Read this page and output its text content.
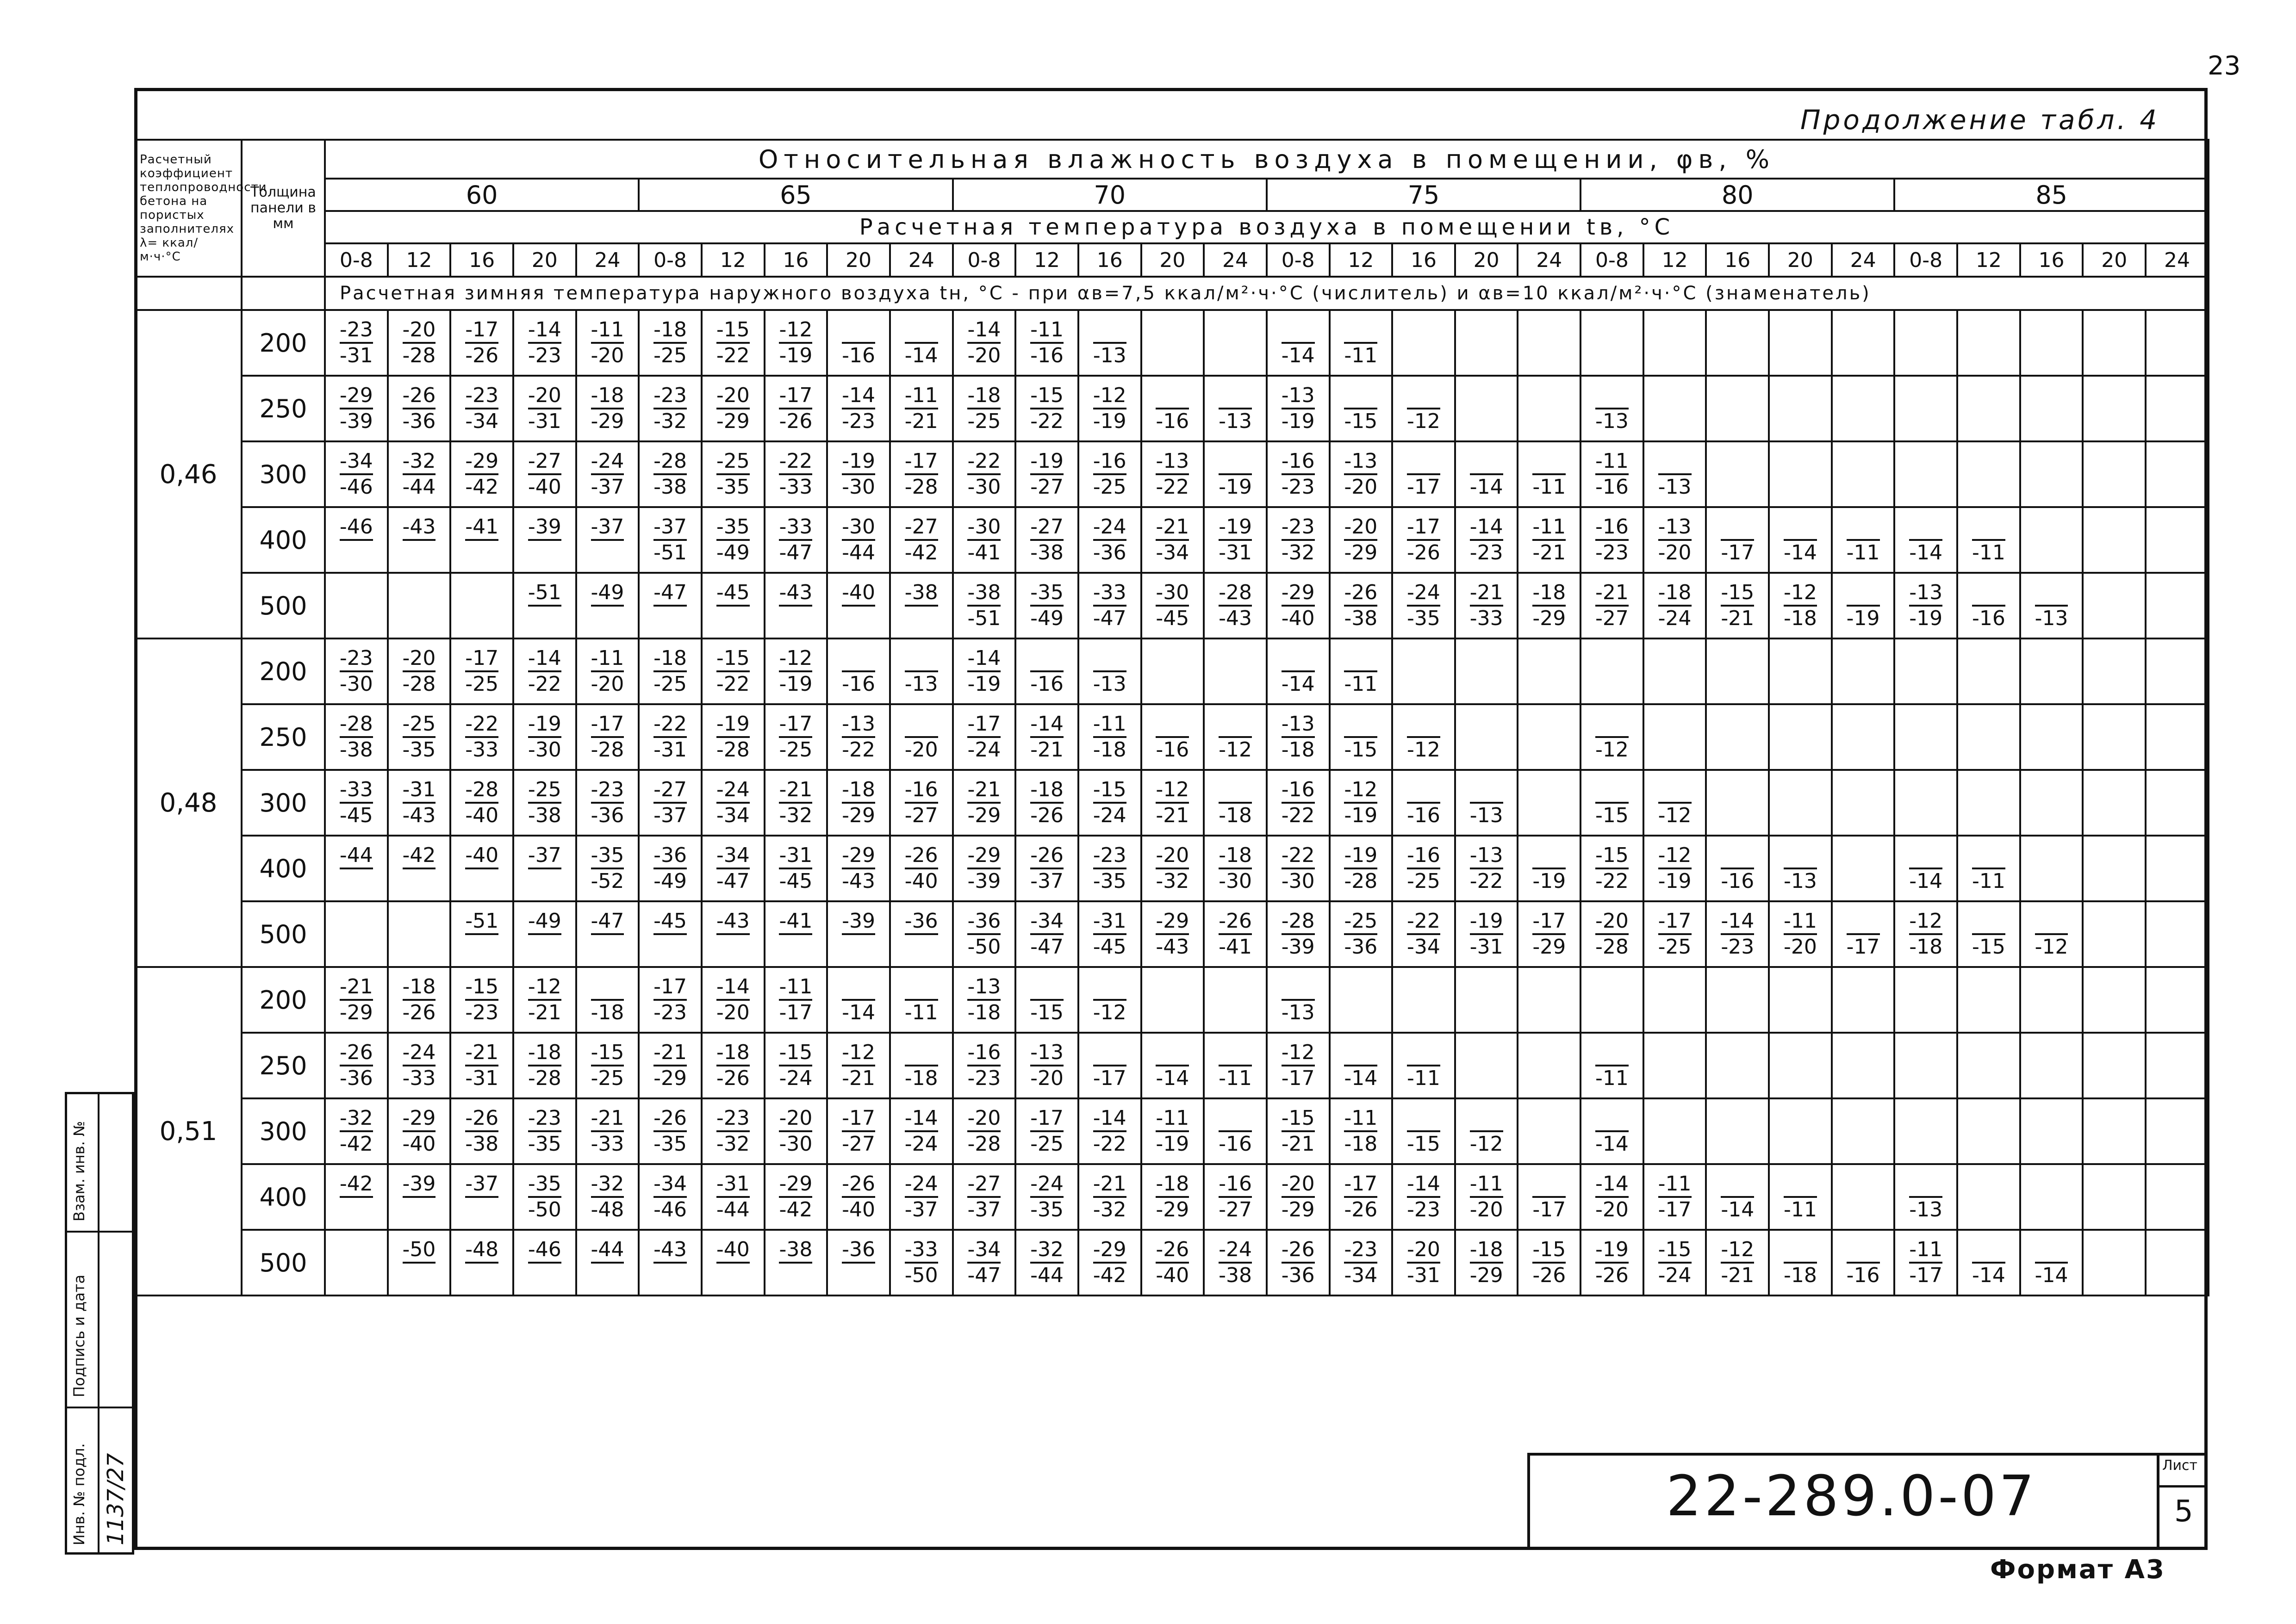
23
Продолжение табл. 4
Расчетный коэффициент теплопроводности бетона на пористых заполнителях λ= ккал/м·ч·°С	Толщина панели в мм	Относительная влажность воздуха в помещении, φв, %																													
		60					65					70					75					80					85				
		Расчетная температура воздуха в помещении tв, °С																													
		0-8	12	16	20	24	0-8	12	16	20	24	0-8	12	16	20	24	0-8	12	16	20	24	0-8	12	16	20	24	0-8	12	16	20	24
		Расчетная зимняя температура наружного воздуха tн, °С - при αв=7,5 ккал/м²·ч·°С (числитель) и αв=10 ккал/м²·ч·°С (знаменатель)																													
0,46	200	$\frac{-23}{-31}$	$\frac{-20}{-28}$	$\frac{-17}{-26}$	$\frac{-14}{-23}$	$\frac{-11}{-20}$	$\frac{-18}{-25}$	$\frac{-15}{-22}$	$\frac{-12}{-19}$	-16	-14	$\frac{-14}{-20}$	$\frac{-11}{-16}$	-13			-14	-11													

	250	$\frac{-29}{-39}$	$\frac{-26}{-36}$	$\frac{-23}{-34}$	$\frac{-20}{-31}$	$\frac{-18}{-29}$	$\frac{-23}{-32}$	$\frac{-20}{-29}$	$\frac{-17}{-26}$	$\frac{-14}{-23}$	$\frac{-11}{-21}$	$\frac{-18}{-25}$	$\frac{-15}{-22}$	$\frac{-12}{-19}$	-16	-13	$\frac{-13}{-19}$	-15	-12			-13									

	300	$\frac{-34}{-46}$	$\frac{-32}{-44}$	$\frac{-29}{-42}$	$\frac{-27}{-40}$	$\frac{-24}{-37}$	$\frac{-28}{-38}$	$\frac{-25}{-35}$	$\frac{-22}{-33}$	$\frac{-19}{-30}$	$\frac{-17}{-28}$	$\frac{-22}{-30}$	$\frac{-19}{-27}$	$\frac{-16}{-25}$	$\frac{-13}{-22}$	-19	$\frac{-16}{-23}$	$\frac{-13}{-20}$	-17	-14	-11	$\frac{-11}{-16}$	-13								

	400	-46	-43	-41	-39	-37	$\frac{-37}{-51}$	$\frac{-35}{-49}$	$\frac{-33}{-47}$	$\frac{-30}{-44}$	$\frac{-27}{-42}$	$\frac{-30}{-41}$	$\frac{-27}{-38}$	$\frac{-24}{-36}$	$\frac{-21}{-34}$	$\frac{-19}{-31}$	$\frac{-23}{-32}$	$\frac{-20}{-29}$	$\frac{-17}{-26}$	$\frac{-14}{-23}$	$\frac{-11}{-21}$	$\frac{-16}{-23}$	$\frac{-13}{-20}$	-17	-14	-11	-14	-11			

	500				-51	-49	-47	-45	-43	-40	-38	$\frac{-38}{-51}$	$\frac{-35}{-49}$	$\frac{-33}{-47}$	$\frac{-30}{-45}$	$\frac{-28}{-43}$	$\frac{-29}{-40}$	$\frac{-26}{-38}$	$\frac{-24}{-35}$	$\frac{-21}{-33}$	$\frac{-18}{-29}$	$\frac{-21}{-27}$	$\frac{-18}{-24}$	$\frac{-15}{-21}$	$\frac{-12}{-18}$	-19	$\frac{-13}{-19}$	-16	-13		

0,48	200	$\frac{-23}{-30}$	$\frac{-20}{-28}$	$\frac{-17}{-25}$	$\frac{-14}{-22}$	$\frac{-11}{-20}$	$\frac{-18}{-25}$	$\frac{-15}{-22}$	$\frac{-12}{-19}$	-16	-13	$\frac{-14}{-19}$	-16	-13			-14	-11													

	250	$\frac{-28}{-38}$	$\frac{-25}{-35}$	$\frac{-22}{-33}$	$\frac{-19}{-30}$	$\frac{-17}{-28}$	$\frac{-22}{-31}$	$\frac{-19}{-28}$	$\frac{-17}{-25}$	$\frac{-13}{-22}$	-20	$\frac{-17}{-24}$	$\frac{-14}{-21}$	$\frac{-11}{-18}$	-16	-12	$\frac{-13}{-18}$	-15	-12			-12									

	300	$\frac{-33}{-45}$	$\frac{-31}{-43}$	$\frac{-28}{-40}$	$\frac{-25}{-38}$	$\frac{-23}{-36}$	$\frac{-27}{-37}$	$\frac{-24}{-34}$	$\frac{-21}{-32}$	$\frac{-18}{-29}$	$\frac{-16}{-27}$	$\frac{-21}{-29}$	$\frac{-18}{-26}$	$\frac{-15}{-24}$	$\frac{-12}{-21}$	-18	$\frac{-16}{-22}$	$\frac{-12}{-19}$	-16	-13		-15	-12								

	400	-44	-42	-40	-37	$\frac{-35}{-52}$	$\frac{-36}{-49}$	$\frac{-34}{-47}$	$\frac{-31}{-45}$	$\frac{-29}{-43}$	$\frac{-26}{-40}$	$\frac{-29}{-39}$	$\frac{-26}{-37}$	$\frac{-23}{-35}$	$\frac{-20}{-32}$	$\frac{-18}{-30}$	$\frac{-22}{-30}$	$\frac{-19}{-28}$	$\frac{-16}{-25}$	$\frac{-13}{-22}$	-19	$\frac{-15}{-22}$	$\frac{-12}{-19}$	-16	-13		-14	-11			

	500			-51	-49	-47	-45	-43	-41	-39	-36	$\frac{-36}{-50}$	$\frac{-34}{-47}$	$\frac{-31}{-45}$	$\frac{-29}{-43}$	$\frac{-26}{-41}$	$\frac{-28}{-39}$	$\frac{-25}{-36}$	$\frac{-22}{-34}$	$\frac{-19}{-31}$	$\frac{-17}{-29}$	$\frac{-20}{-28}$	$\frac{-17}{-25}$	$\frac{-14}{-23}$	$\frac{-11}{-20}$	-17	$\frac{-12}{-18}$	-15	-12		

0,51	200	$\frac{-21}{-29}$	$\frac{-18}{-26}$	$\frac{-15}{-23}$	$\frac{-12}{-21}$	-18	$\frac{-17}{-23}$	$\frac{-14}{-20}$	$\frac{-11}{-17}$	-14	-11	$\frac{-13}{-18}$	-15	-12			-13														

	250	$\frac{-26}{-36}$	$\frac{-24}{-33}$	$\frac{-21}{-31}$	$\frac{-18}{-28}$	$\frac{-15}{-25}$	$\frac{-21}{-29}$	$\frac{-18}{-26}$	$\frac{-15}{-24}$	$\frac{-12}{-21}$	-18	$\frac{-16}{-23}$	$\frac{-13}{-20}$	-17	-14	-11	$\frac{-12}{-17}$	-14	-11			-11									

	300	$\frac{-32}{-42}$	$\frac{-29}{-40}$	$\frac{-26}{-38}$	$\frac{-23}{-35}$	$\frac{-21}{-33}$	$\frac{-26}{-35}$	$\frac{-23}{-32}$	$\frac{-20}{-30}$	$\frac{-17}{-27}$	$\frac{-14}{-24}$	$\frac{-20}{-28}$	$\frac{-17}{-25}$	$\frac{-14}{-22}$	$\frac{-11}{-19}$	-16	$\frac{-15}{-21}$	$\frac{-11}{-18}$	-15	-12		-14									

	400	-42	-39	-37	$\frac{-35}{-50}$	$\frac{-32}{-48}$	$\frac{-34}{-46}$	$\frac{-31}{-44}$	$\frac{-29}{-42}$	$\frac{-26}{-40}$	$\frac{-24}{-37}$	$\frac{-27}{-37}$	$\frac{-24}{-35}$	$\frac{-21}{-32}$	$\frac{-18}{-29}$	$\frac{-16}{-27}$	$\frac{-20}{-29}$	$\frac{-17}{-26}$	$\frac{-14}{-23}$	$\frac{-11}{-20}$	-17	$\frac{-14}{-20}$	$\frac{-11}{-17}$	-14	-11		-13				

	500		-50	-48	-46	-44	-43	-40	-38	-36	$\frac{-33}{-50}$	$\frac{-34}{-47}$	$\frac{-32}{-44}$	$\frac{-29}{-42}$	$\frac{-26}{-40}$	$\frac{-24}{-38}$	$\frac{-26}{-36}$	$\frac{-23}{-34}$	$\frac{-20}{-31}$	$\frac{-18}{-29}$	$\frac{-15}{-26}$	$\frac{-19}{-26}$	$\frac{-15}{-24}$	$\frac{-12}{-21}$	-18	-16	$\frac{-11}{-17}$	-14	-14		

Взам. инв. №
Подпись и дата
Инв. № подл. 1137/27	22-289.0-07	Лист
5
Формат А3
